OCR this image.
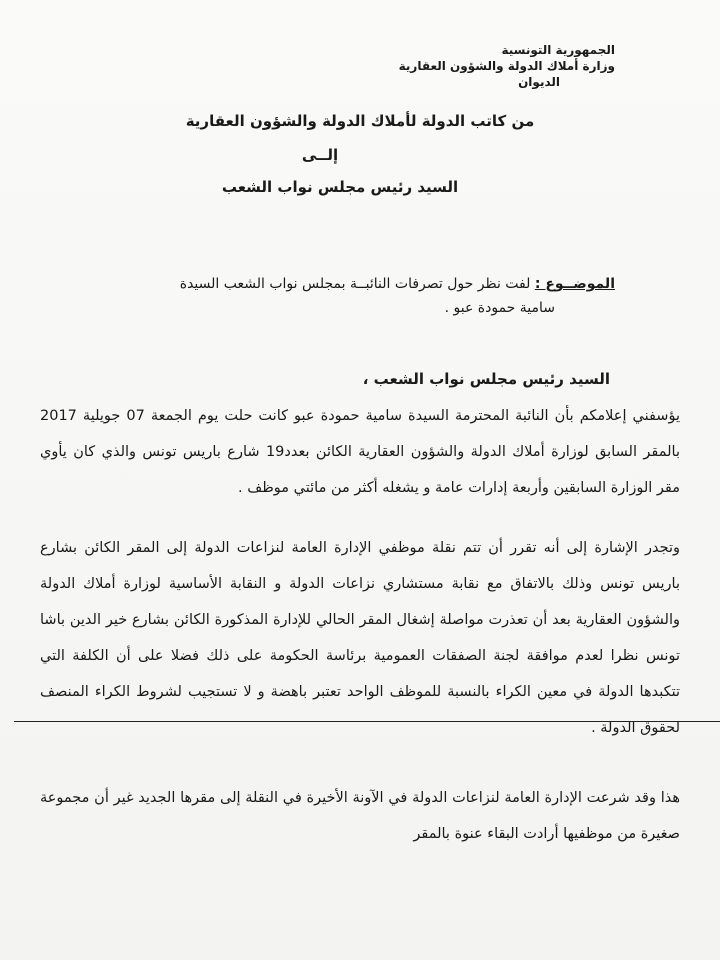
الجمهورية التونسية
وزارة أملاك الدولة والشؤون العقارية
الديوان
من كاتب الدولة لأملاك الدولة والشؤون العقارية
إلــى
السيد رئيس مجلس نواب الشعب
الموضــوع : لفت نظر حول تصرفات النائبــة بمجلس نواب الشعب السيدة
سامية حمودة عبو .
السيد رئيس مجلس نواب الشعب ،
يؤسفني إعلامكم بأن النائبة المحترمة السيدة سامية حمودة عبو كانت حلت يوم الجمعة 07 جويلية 2017 بالمقر السابق لوزارة أملاك الدولة والشؤون العقارية الكائن بعدد19 شارع باريس تونس والذي كان يأوي مقر الوزارة السابقين وأربعة إدارات عامة و يشغله أكثر من مائتي موظف .
وتجدر الإشارة إلى أنه تقرر أن تتم نقلة موظفي الإدارة العامة لنزاعات الدولة إلى المقر الكائن بشارع باريس تونس وذلك بالاتفاق مع نقابة مستشاري نزاعات الدولة و النقابة الأساسية لوزارة أملاك الدولة والشؤون العقارية بعد أن تعذرت مواصلة إشغال المقر الحالي للإدارة المذكورة الكائن بشارع خير الدين باشا تونس نظرا لعدم موافقة لجنة الصفقات العمومية برئاسة الحكومة على ذلك فضلا على أن الكلفة التي تتكبدها الدولة في معين الكراء بالنسبة للموظف الواحد تعتبر باهضة و لا تستجيب لشروط الكراء المنصف لحقوق الدولة .
هذا وقد شرعت الإدارة العامة لنزاعات الدولة في الآونة الأخيرة في النقلة إلى مقرها الجديد غير أن مجموعة صغيرة من موظفيها أرادت البقاء عنوة بالمقر
